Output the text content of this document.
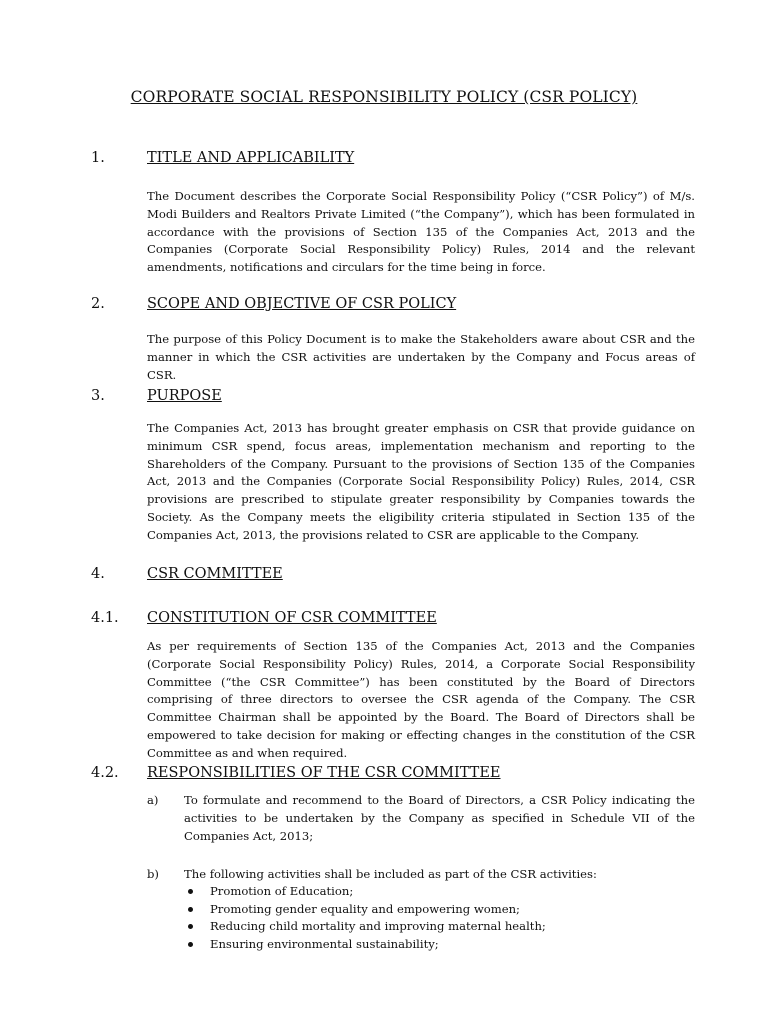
CORPORATE SOCIAL RESPONSIBILITY POLICY (CSR POLICY)
1.	TITLE AND APPLICABILITY
The Document describes the Corporate Social Responsibility Policy (“CSR Policy”) of M/s. Modi Builders and Realtors Private Limited (“the Company”), which has been formulated in accordance with the provisions of Section 135 of the Companies Act, 2013 and the Companies (Corporate Social Responsibility Policy) Rules, 2014 and the relevant amendments, notifications and circulars for the time being in force.
2.	SCOPE AND OBJECTIVE OF CSR POLICY
The purpose of this Policy Document is to make the Stakeholders aware about CSR and the manner in which the CSR activities are undertaken by the Company and Focus areas of CSR.
3.	PURPOSE
The Companies Act, 2013 has brought greater emphasis on CSR that provide guidance on minimum CSR spend, focus areas, implementation mechanism and reporting to the Shareholders of the Company. Pursuant to the provisions of Section 135 of the Companies Act, 2013 and the Companies (Corporate Social Responsibility Policy) Rules, 2014, CSR provisions are prescribed to stipulate greater responsibility by Companies towards the Society. As the Company meets the eligibility criteria stipulated in Section 135 of the Companies Act, 2013, the provisions related to CSR are applicable to the Company.
4.	CSR COMMITTEE
4.1. CONSTITUTION OF CSR COMMITTEE
As per requirements of Section 135 of the Companies Act, 2013 and the Companies (Corporate Social Responsibility Policy) Rules, 2014, a Corporate Social Responsibility Committee (“the CSR Committee”) has been constituted by the Board of Directors comprising of three directors to oversee the CSR agenda of the Company. The CSR Committee Chairman shall be appointed by the Board. The Board of Directors shall be empowered to take decision for making or effecting changes in the constitution of the CSR Committee as and when required.
4.2. RESPONSIBILITIES OF THE CSR COMMITTEE
a) To formulate and recommend to the Board of Directors, a CSR Policy indicating the activities to be undertaken by the Company as specified in Schedule VII of the Companies Act, 2013;
b) The following activities shall be included as part of the CSR activities:
Promotion of Education;
Promoting gender equality and empowering women;
Reducing child mortality and improving maternal health;
Ensuring environmental sustainability;
